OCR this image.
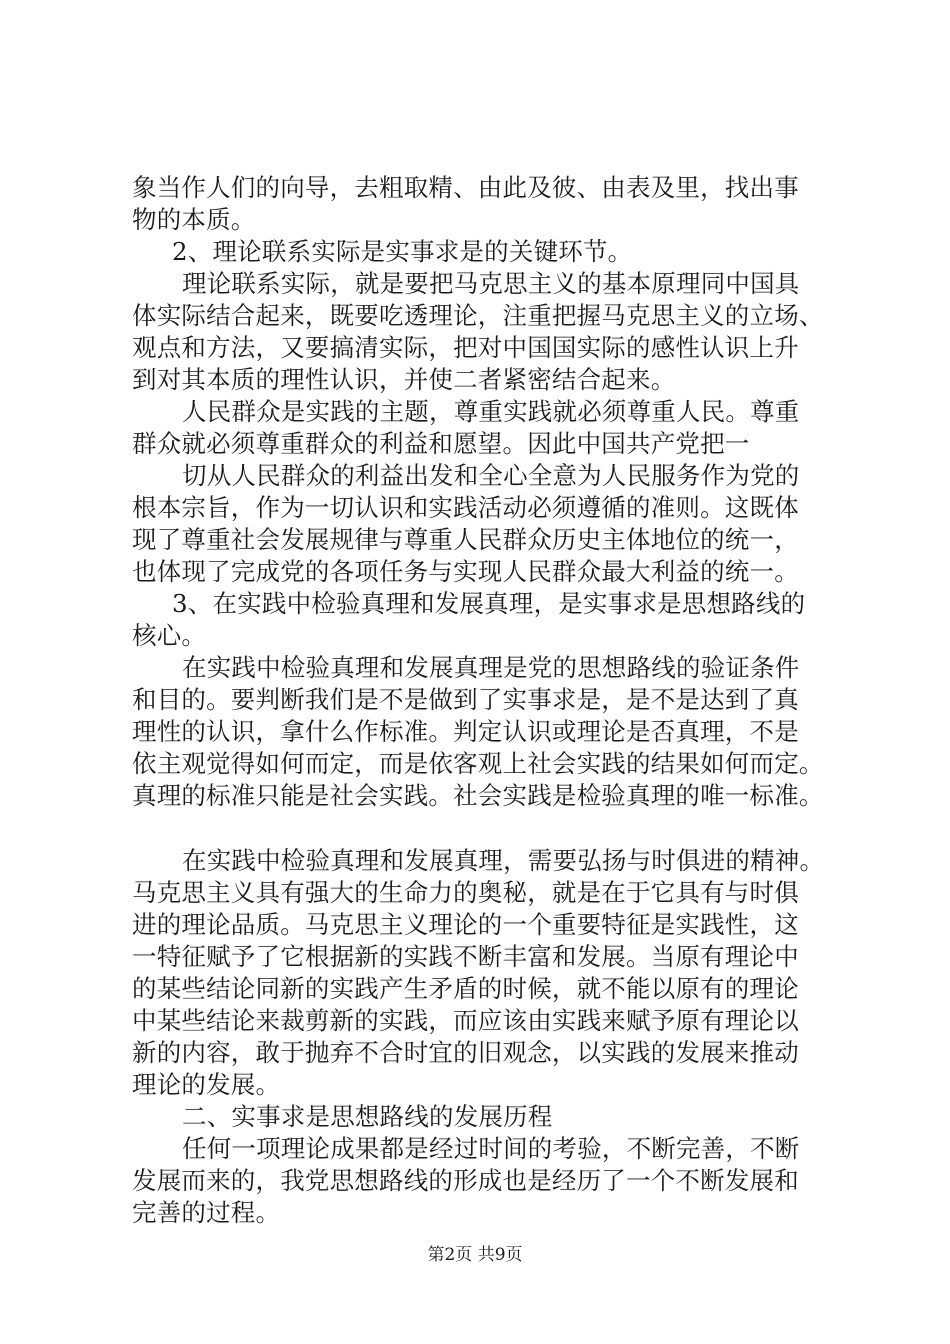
象当作人们的向导，去粗取精、由此及彼、由表及里，找出事
物的本质。
2、理论联系实际是实事求是的关键环节。
理论联系实际，就是要把马克思主义的基本原理同中国具
体实际结合起来，既要吃透理论，注重把握马克思主义的立场、
观点和方法，又要搞清实际，把对中国国实际的感性认识上升
到对其本质的理性认识，并使二者紧密结合起来。
人民群众是实践的主题，尊重实践就必须尊重人民。尊重
群众就必须尊重群众的利益和愿望。因此中国共产党把一
切从人民群众的利益出发和全心全意为人民服务作为党的
根本宗旨，作为一切认识和实践活动必须遵循的准则。这既体
现了尊重社会发展规律与尊重人民群众历史主体地位的统一，
也体现了完成党的各项任务与实现人民群众最大利益的统一。
3、在实践中检验真理和发展真理，是实事求是思想路线的
核心。
在实践中检验真理和发展真理是党的思想路线的验证条件
和目的。要判断我们是不是做到了实事求是，是不是达到了真
理性的认识，拿什么作标准。判定认识或理论是否真理，不是
依主观觉得如何而定，而是依客观上社会实践的结果如何而定。
真理的标准只能是社会实践。社会实践是检验真理的唯一标准。
在实践中检验真理和发展真理，需要弘扬与时俱进的精神。
马克思主义具有强大的生命力的奥秘，就是在于它具有与时俱
进的理论品质。马克思主义理论的一个重要特征是实践性，这
一特征赋予了它根据新的实践不断丰富和发展。当原有理论中
的某些结论同新的实践产生矛盾的时候，就不能以原有的理论
中某些结论来裁剪新的实践，而应该由实践来赋予原有理论以
新的内容，敢于抛弃不合时宜的旧观念，以实践的发展来推动
理论的发展。
二、实事求是思想路线的发展历程
任何一项理论成果都是经过时间的考验，不断完善，不断
发展而来的，我党思想路线的形成也是经历了一个不断发展和
完善的过程。
第2页 共9页
